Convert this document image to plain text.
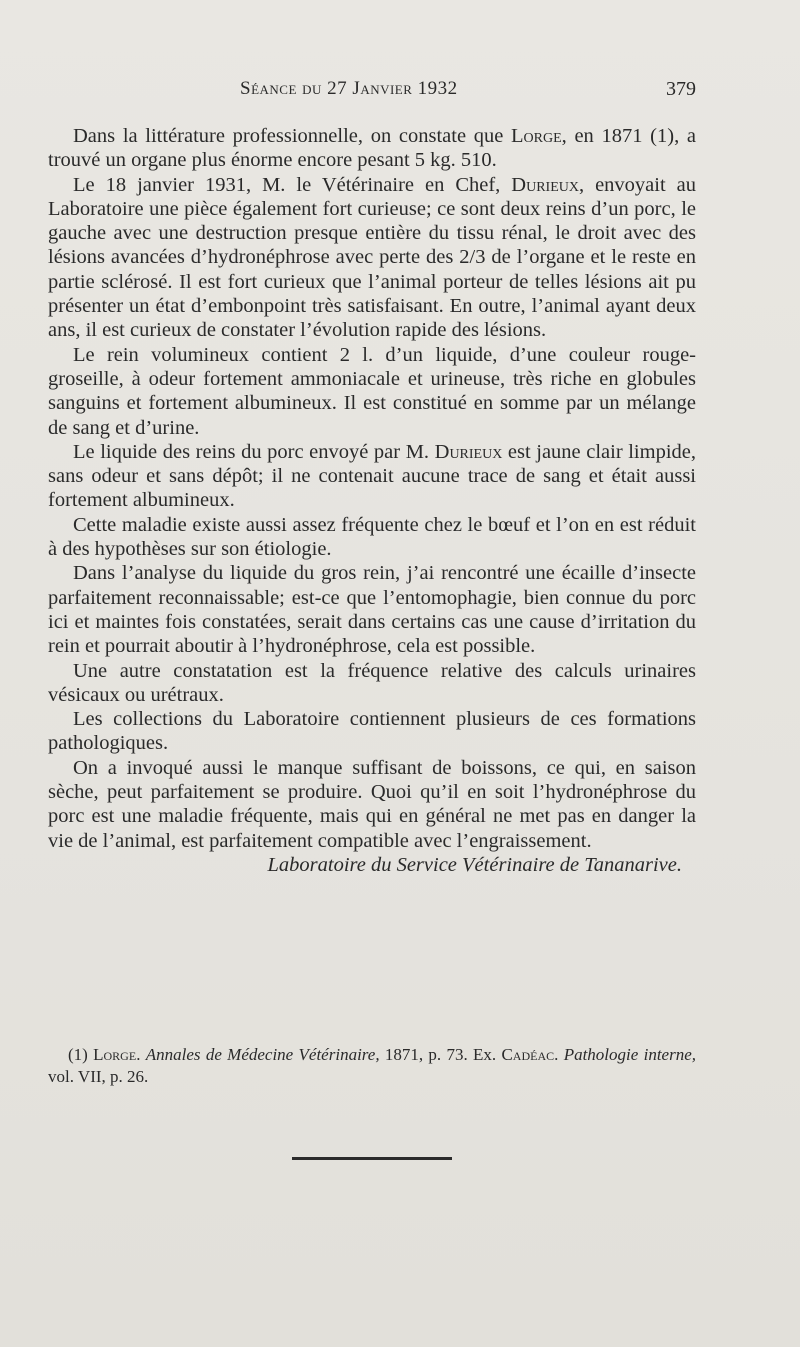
Séance du 27 Janvier 1932	379

Dans la littérature professionnelle, on constate que Lorge, en 1871 (1), a trouvé un organe plus énorme encore pesant 5 kg. 510.

Le 18 janvier 1931, M. le Vétérinaire en Chef, Durieux, envoyait au Laboratoire une pièce également fort curieuse; ce sont deux reins d’un porc, le gauche avec une destruction presque entière du tissu rénal, le droit avec des lésions avancées d’hydronéphrose avec perte des 2/3 de l’organe et le reste en partie sclérosé. Il est fort curieux que l’animal porteur de telles lésions ait pu présenter un état d’embonpoint très satisfaisant. En outre, l’animal ayant deux ans, il est curieux de constater l’évolution rapide des lésions.

Le rein volumineux contient 2 l. d’un liquide, d’une couleur rouge-groseille, à odeur fortement ammoniacale et urineuse, très riche en globules sanguins et fortement albumineux. Il est constitué en somme par un mélange de sang et d’urine.

Le liquide des reins du porc envoyé par M. Durieux est jaune clair limpide, sans odeur et sans dépôt; il ne contenait aucune trace de sang et était aussi fortement albumineux.

Cette maladie existe aussi assez fréquente chez le bœuf et l’on en est réduit à des hypothèses sur son étiologie.

Dans l’analyse du liquide du gros rein, j’ai rencontré une écaille d’insecte parfaitement reconnaissable; est-ce que l’entomophagie, bien connue du porc ici et maintes fois constatées, serait dans certains cas une cause d’irritation du rein et pourrait aboutir à l’hydronéphrose, cela est possible.

Une autre constatation est la fréquence relative des calculs urinaires vésicaux ou urétraux.

Les collections du Laboratoire contiennent plusieurs de ces formations pathologiques.

On a invoqué aussi le manque suffisant de boissons, ce qui, en saison sèche, peut parfaitement se produire. Quoi qu’il en soit l’hydronéphrose du porc est une maladie fréquente, mais qui en général ne met pas en danger la vie de l’animal, est parfaitement compatible avec l’engraissement.

Laboratoire du Service Vétérinaire de Tananarive.

(1) Lorge. Annales de Médecine Vétérinaire, 1871, p. 73. Ex. Cadéac. Pathologie interne, vol. VII, p. 26.
